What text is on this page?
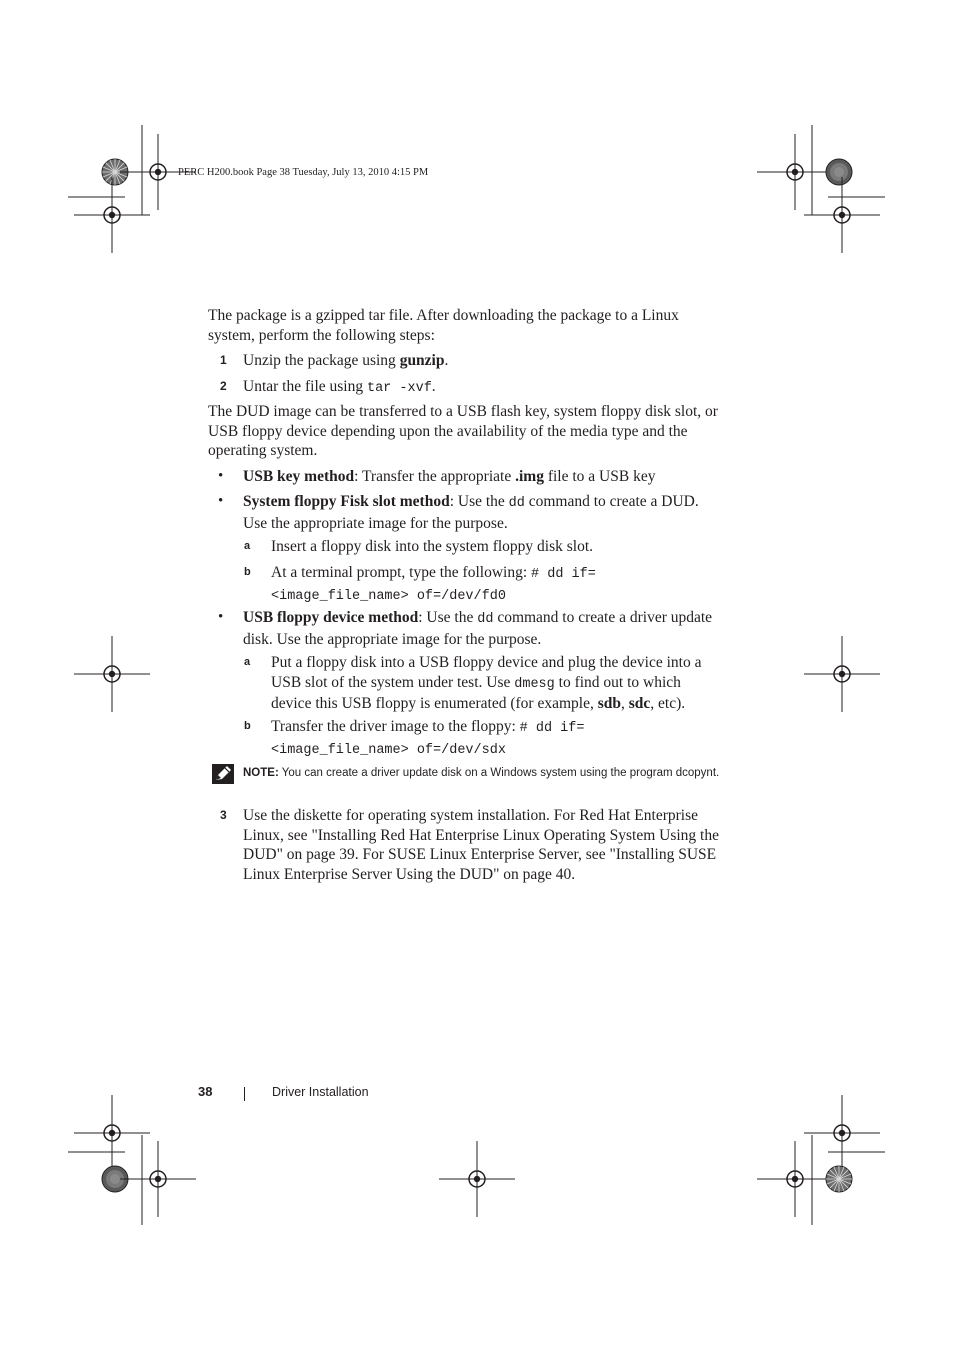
PERC H200.book Page 38 Tuesday, July 13, 2010 4:15 PM

The package is a gzipped tar file. After downloading the package to a Linux system, perform the following steps:

1 Unzip the package using gunzip.

2 Untar the file using tar -xvf.

The DUD image can be transferred to a USB flash key, system floppy disk slot, or USB floppy device depending upon the availability of the media type and the operating system.

• USB key method: Transfer the appropriate .img file to a USB key

• System floppy Fisk slot method: Use the dd command to create a DUD. Use the appropriate image for the purpose.

a Insert a floppy disk into the system floppy disk slot.

b At a terminal prompt, type the following: # dd if=<image_file_name> of=/dev/fd0

• USB floppy device method: Use the dd command to create a driver update disk. Use the appropriate image for the purpose.

a Put a floppy disk into a USB floppy device and plug the device into a USB slot of the system under test. Use dmesg to find out to which device this USB floppy is enumerated (for example, sdb, sdc, etc).

b Transfer the driver image to the floppy: # dd if=<image_file_name> of=/dev/sdx

NOTE: You can create a driver update disk on a Windows system using the program dcopynt.
3 Use the diskette for operating system installation. For Red Hat Enterprise Linux, see "Installing Red Hat Enterprise Linux Operating System Using the DUD" on page 39. For SUSE Linux Enterprise Server, see "Installing SUSE Linux Enterprise Server Using the DUD" on page 40.

38	Driver Installation
